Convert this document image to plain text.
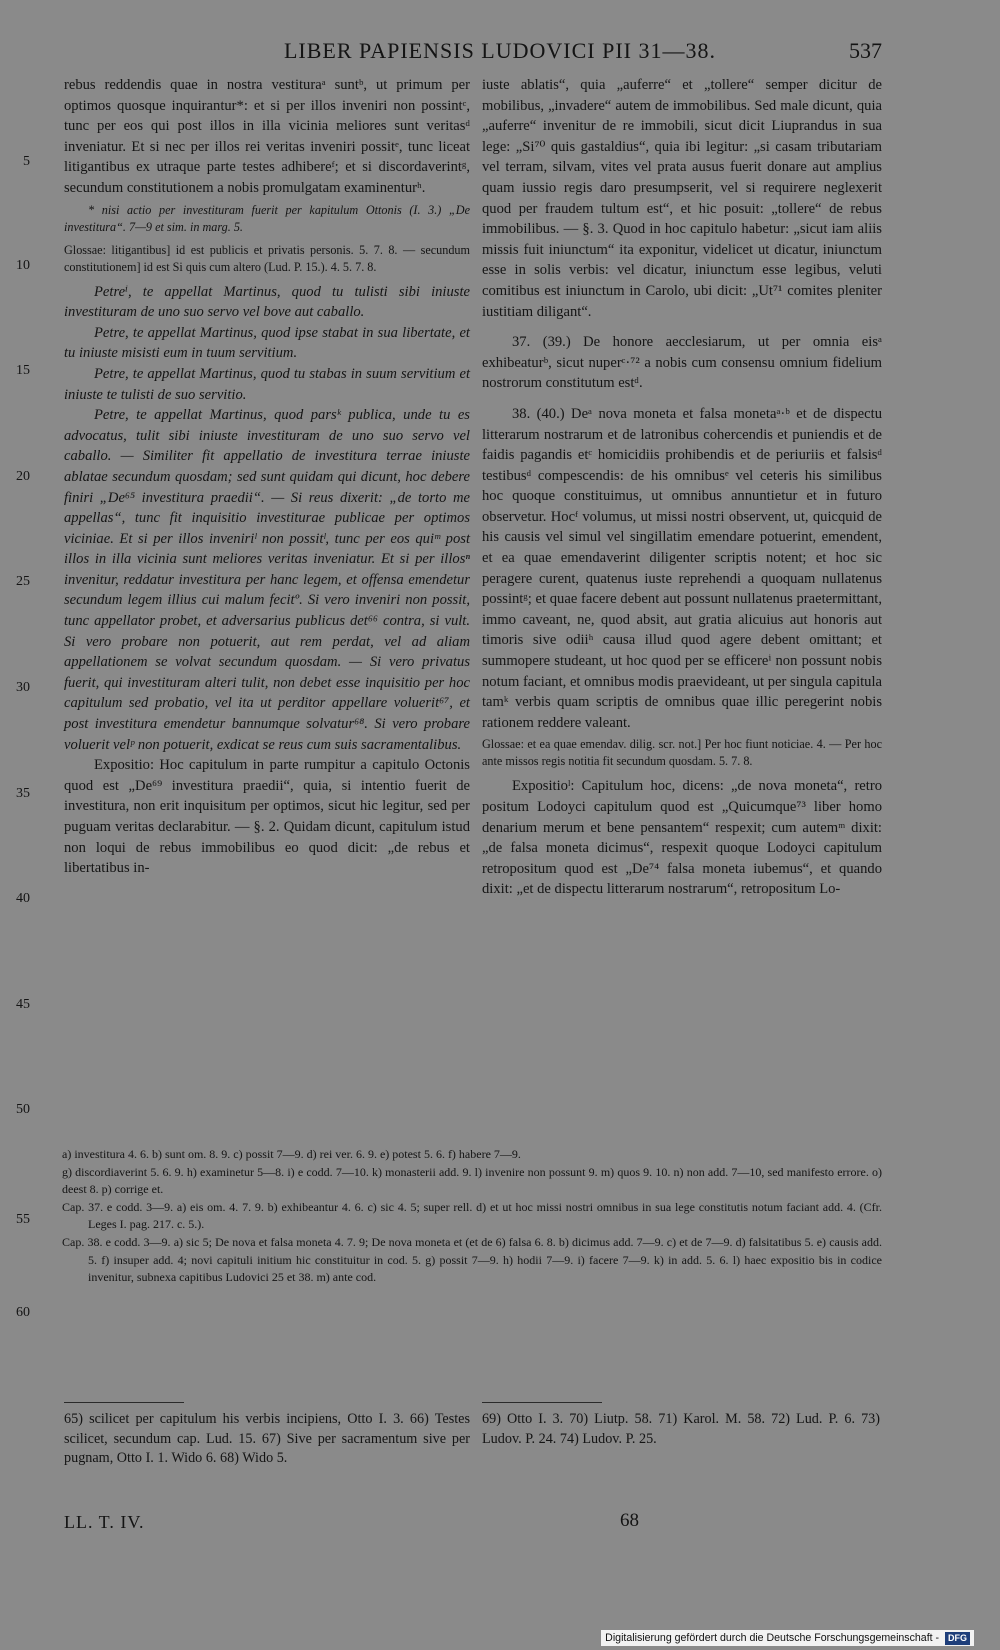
LIBER PAPIENSIS LUDOVICI PII 31—38.	537
5
10
15
20
25
30
35
40
45
50
55
60

rebus reddendis quae in nostra vestituraᵃ suntᵇ, ut primum per optimos quosque inquirantur*: et si per illos inveniri non possintᶜ, tunc per eos qui post illos in illa vicinia meliores sunt veritasᵈ inveniatur. Et si nec per illos rei veritas inveniri possitᵉ, tunc liceat litigantibus ex utraque parte testes adhibereᶠ; et si discordaverintᵍ, secundum constitutionem a nobis promulgatam examinenturʰ.

* nisi actio per investituram fuerit per kapitulum Ottonis (I. 3.) „De investitura“. 7—9 et sim. in marg. 5.

Glossae: litigantibus] id est publicis et privatis personis. 5. 7. 8. — secundum constitutionem] id est Si quis cum altero (Lud. P. 15.). 4. 5. 7. 8.

Petreⁱ, te appellat Martinus, quod tu tulisti sibi iniuste investituram de uno suo servo vel bove aut caballo.

Petre, te appellat Martinus, quod ipse stabat in sua libertate, et tu iniuste misisti eum in tuum servitium.

Petre, te appellat Martinus, quod tu stabas in suum servitium et iniuste te tulisti de suo servitio.

Petre, te appellat Martinus, quod parsᵏ publica, unde tu es advocatus, tulit sibi iniuste investituram de uno suo servo vel caballo. — Similiter fit appellatio de investitura terrae iniuste ablatae secundum quosdam; sed sunt quidam qui dicunt, hoc debere finiri „De⁶⁵ investitura praedii“. — Si reus dixerit: „de torto me appellas“, tunc fit inquisitio investiturae publicae per optimos viciniae. Et si per illos inveniriˡ non possitˡ, tunc per eos quiᵐ post illos in illa vicinia sunt meliores veritas inveniatur. Et si per illosⁿ invenitur, reddatur investitura per hanc legem, et offensa emendetur secundum legem illius cui malum fecitº. Si vero inveniri non possit, tunc appellator probet, et adversarius publicus det⁶⁶ contra, si vult. Si vero probare non potuerit, aut rem perdat, vel ad aliam appellationem se volvat secundum quosdam. — Si vero privatus fuerit, qui investituram alteri tulit, non debet esse inquisitio per hoc capitulum sed probatio, vel ita ut perditor appellare voluerit⁶⁷, et post investitura emendetur bannumque solvatur⁶⁸. Si vero probare voluerit velᵖ non potuerit, exdicat se reus cum suis sacramentalibus.

Expositio: Hoc capitulum in parte rumpitur a capitulo Octonis quod est „De⁶⁹ investitura praedii“, quia, si intentio fuerit de investitura, non erit inquisitum per optimos, sicut hic legitur, sed per puguam veritas declarabitur. — §. 2. Quidam dicunt, capitulum istud non loqui de rebus immobilibus eo quod dicit: „de rebus et libertatibus in-

iuste ablatis“, quia „auferre“ et „tollere“ semper dicitur de mobilibus, „invadere“ autem de immobilibus. Sed male dicunt, quia „auferre“ invenitur de re immobili, sicut dicit Liuprandus in sua lege: „Si⁷⁰ quis gastaldius“, quia ibi legitur: „si casam tributariam vel terram, silvam, vites vel prata ausus fuerit donare aut amplius quam iussio regis daro presumpserit, vel si requirere neglexerit quod per fraudem tultum est“, et hic posuit: „tollere“ de rebus immobilibus. — §. 3. Quod in hoc capitulo habetur: „sicut iam aliis missis fuit iniunctum“ ita exponitur, videlicet ut dicatur, iniunctum esse in solis verbis: vel dicatur, iniunctum esse legibus, veluti comitibus est iniunctum in Carolo, ubi dicit: „Ut⁷¹ comites pleniter iustitiam diligant“.

37. (39.) De honore aecclesiarum, ut per omnia eisᵃ exhibeaturᵇ, sicut nuperᶜ·⁷² a nobis cum consensu omnium fidelium nostrorum constitutum estᵈ.

38. (40.) Deᵃ nova moneta et falsa monetaᵃ·ᵇ et de dispectu litterarum nostrarum et de latronibus cohercendis et puniendis et de faidis pagandis etᶜ homicidiis prohibendis et de periuriis et falsisᵈ testibusᵈ compescendis: de his omnibusᵉ vel ceteris his similibus hoc quoque constituimus, ut omnibus annuntietur et in futuro observetur. Hocᶠ volumus, ut missi nostri observent, ut, quicquid de his causis vel simul vel singillatim emendare potuerint, emendent, et ea quae emendaverint diligenter scriptis notent; et hoc sic peragere curent, quatenus iuste reprehendi a quoquam nullatenus possintᵍ; et quae facere debent aut possunt nullatenus praetermittant, immo caveant, ne, quod absit, aut gratia alicuius aut honoris aut timoris sive odiiʰ causa illud quod agere debent omittant; et summopere studeant, ut hoc quod per se efficereⁱ non possunt nobis notum faciant, et omnibus modis praevideant, ut per singula capitula tamᵏ verbis quam scriptis de omnibus quae illic peregerint nobis rationem reddere valeant.

Glossae: et ea quae emendav. dilig. scr. not.] Per hoc fiunt noticiae. 4. — Per hoc ante missos regis notitia fit secundum quosdam. 5. 7. 8.

Expositioˡ: Capitulum hoc, dicens: „de nova moneta“, retro positum Lodoyci capitulum quod est „Quicumque⁷³ liber homo denarium merum et bene pensantem“ respexit; cum autemᵐ dixit: „de falsa moneta dicimus“, respexit quoque Lodoyci capitulum retropositum quod est „De⁷⁴ falsa moneta iubemus“, et quando dixit: „et de dispectu litterarum nostrarum“, retropositum Lo-

a) investitura 4. 6. b) sunt om. 8. 9. c) possit 7—9. d) rei ver. 6. 9. e) potest 5. 6. f) habere 7—9.

g) discordiaverint 5. 6. 9. h) examinetur 5—8. i) e codd. 7—10. k) monasterii add. 9. l) invenire non possunt 9. m) quos 9. 10. n) non add. 7—10, sed manifesto errore. o) deest 8. p) corrige et.

Cap. 37. e codd. 3—9. a) eis om. 4. 7. 9. b) exhibeantur 4. 6. c) sic 4. 5; super rell. d) et ut hoc missi nostri omnibus in sua lege constitutis notum faciant add. 4. (Cfr. Leges I. pag. 217. c. 5.).

Cap. 38. e codd. 3—9. a) sic 5; De nova et falsa moneta 4. 7. 9; De nova moneta et (et de 6) falsa 6. 8. b) dicimus add. 7—9. c) et de 7—9. d) falsitatibus 5. e) causis add. 5. f) insuper add. 4; novi capituli initium hic constituitur in cod. 5. g) possit 7—9. h) hodii 7—9. i) facere 7—9. k) in add. 5. 6. l) haec expositio bis in codice invenitur, subnexa capitibus Ludovici 25 et 38. m) ante cod.

65) scilicet per capitulum his verbis incipiens, Otto I. 3. 66) Testes scilicet, secundum cap. Lud. 15. 67) Sive per sacramentum sive per pugnam, Otto I. 1. Wido 6. 68) Wido 5.

69) Otto I. 3. 70) Liutp. 58. 71) Karol. M. 58. 72) Lud. P. 6. 73) Ludov. P. 24. 74) Ludov. P. 25.

LL. T. IV.	68
Digitalisierung gefördert durch die Deutsche Forschungsgemeinschaft - DFG
